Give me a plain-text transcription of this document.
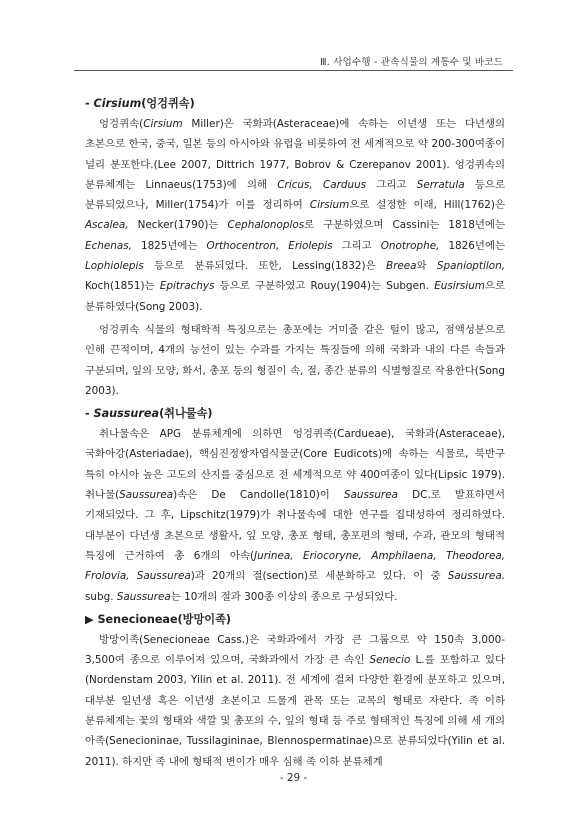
Ⅲ. 사업수행 - 관속식물의 계통수 및 바코드
- Cirsium(엉겅퀴속)

엉겅퀴속(Cirsium Miller)은 국화과(Asteraceae)에 속하는 이년생 또는 다년생의 초본으로 한국, 중국, 일본 등의 아시아와 유럽을 비롯하여 전 세계적으로 약 200-300여종이 널리 분포한다.(Lee 2007, Dittrich 1977, Bobrov & Czerepanov 2001). 엉겅퀴속의 분류체계는 Linnaeus(1753)에 의해 Cricus, Carduus 그리고 Serratula 등으로 분류되었으나, Miller(1754)가 이를 정리하여 Cirsium으로 설정한 이래, Hill(1762)은 Ascalea, Necker(1790)는 Cephalonoplos로 구분하였으며 Cassini는 1818년에는 Echenas, 1825년에는 Orthocentron, Eriolepis 그리고 Onotrophe, 1826년에는 Lophiolepis 등으로 분류되었다. 또한, Lessing(1832)은 Breea와 Spanioptilon, Koch(1851)는 Epitrachys 등으로 구분하였고 Rouy(1904)는 Subgen. Eusirsium으로 분류하였다(Song 2003).

엉겅퀴속 식물의 형태학적 특징으로는 총포에는 거미줄 같은 털이 많고, 점액성분으로 인해 끈적이며, 4개의 능선이 있는 수과를 가지는 특징들에 의해 국화과 내의 다른 속들과 구분되며, 잎의 모양, 화서, 총포 등의 형질이 속, 절, 종간 분류의 식별형질로 작용한다(Song 2003).

- Saussurea(취나물속)

취나물속은 APG 분류체계에 의하면 엉겅퀴족(Cardueae), 국화과(Asteraceae), 국화아강(Asteriadae), 핵심진정쌍자엽식물군(Core Eudicots)에 속하는 식물로, 북반구 특히 아시아 높은 고도의 산지를 중심으로 전 세계적으로 약 400여종이 있다(Lipsic 1979). 취나물(Saussurea)속은 De Candolle(1810)이 Saussurea DC.로 발표하면서 기재되었다. 그 후, Lipschitz(1979)가 취나물속에 대한 연구를 집대성하여 정리하였다. 대부분이 다년생 초본으로 생활사, 잎 모양, 총포 형태, 총포편의 형태, 수과, 관모의 형태적 특징에 근거하여 총 6개의 아속(Jurinea, Eriocoryne, Amphilaena, Theodorea, Frolovia, Saussurea)과 20개의 절(section)로 세분화하고 있다. 이 중 Saussurea. subg. Saussurea는 10개의 절과 300종 이상의 종으로 구성되었다.

▶ Senecioneae(방망이족)

방망이족(Senecioneae Cass.)은 국화과에서 가장 큰 그룹으로 약 150속 3,000-3,500여 종으로 이루어져 있으며, 국화과에서 가장 큰 속인 Senecio L.를 포함하고 있다(Nordenstam 2003, Yilin et al. 2011). 전 세계에 걸쳐 다양한 환경에 분포하고 있으며, 대부분 일년생 혹은 이년생 초본이고 드물게 관목 또는 교목의 형태로 자란다. 족 이하 분류체계는 꽃의 형태와 색깔 및 총포의 수, 잎의 형태 등 주로 형태적인 특징에 의해 세 개의 아족(Senecioninae, Tussilagininae, Blennospermatinae)으로 분류되었다(Yilin et al. 2011). 하지만 족 내에 형태적 변이가 매우 심해 족 이하 분류체계

- 29 -
